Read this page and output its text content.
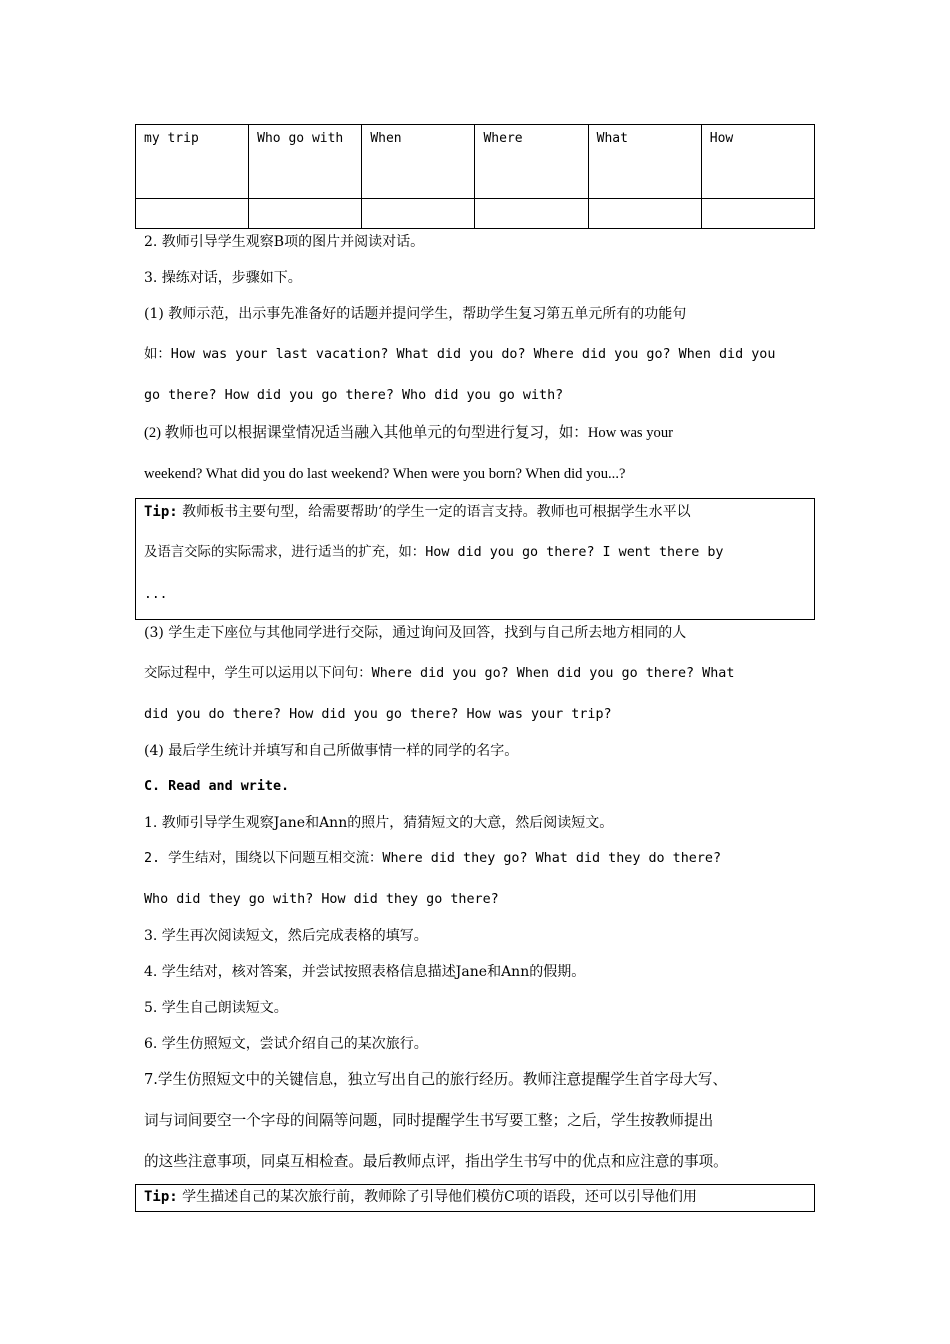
my trip	Who go with	When	Where	What	How

2. 教师引导学生观察B项的图片并阅读对话。
3. 操练对话，步骤如下。
(1) 教师示范，出示事先准备好的话题并提问学生，帮助学生复习第五单元所有的功能句
如：How was your last vacation? What did you do? Where did you go? When did you
go there? How did you go there? Who did you go with?
(2) 教师也可以根据课堂情况适当融入其他单元的句型进行复习，如：How was your
weekend? What did you do last weekend? When were you born? When did you...?
Tip: 教师板书主要句型，给需要帮助’的学生一定的语言支持。教师也可根据学生水平以
及语言交际的实际需求，进行适当的扩充，如：How did you go there? I went there by
...
(3) 学生走下座位与其他同学进行交际，通过询问及回答，找到与自己所去地方相同的人
交际过程中，学生可以运用以下问句：Where did you go? When did you go there? What
did you do there? How did you go there? How was your trip?
(4) 最后学生统计并填写和自己所做事情一样的同学的名字。
C. Read and write.
1. 教师引导学生观察Jane和Ann的照片，猜猜短文的大意，然后阅读短文。
2. 学生结对，围绕以下问题互相交流：Where did they go? What did they do there?
Who did they go with? How did they go there?
3. 学生再次阅读短文，然后完成表格的填写。
4. 学生结对，核对答案，并尝试按照表格信息描述Jane和Ann的假期。
5. 学生自己朗读短文。
6. 学生仿照短文，尝试介绍自己的某次旅行。
7.学生仿照短文中的关键信息，独立写出自己的旅行经历。教师注意提醒学生首字母大写、
词与词间要空一个字母的间隔等问题，同时提醒学生书写要工整；之后，学生按教师提出
的这些注意事项，同桌互相检查。最后教师点评，指出学生书写中的优点和应注意的事项。
Tip: 学生描述自己的某次旅行前，教师除了引导他们模仿C项的语段，还可以引导他们用
